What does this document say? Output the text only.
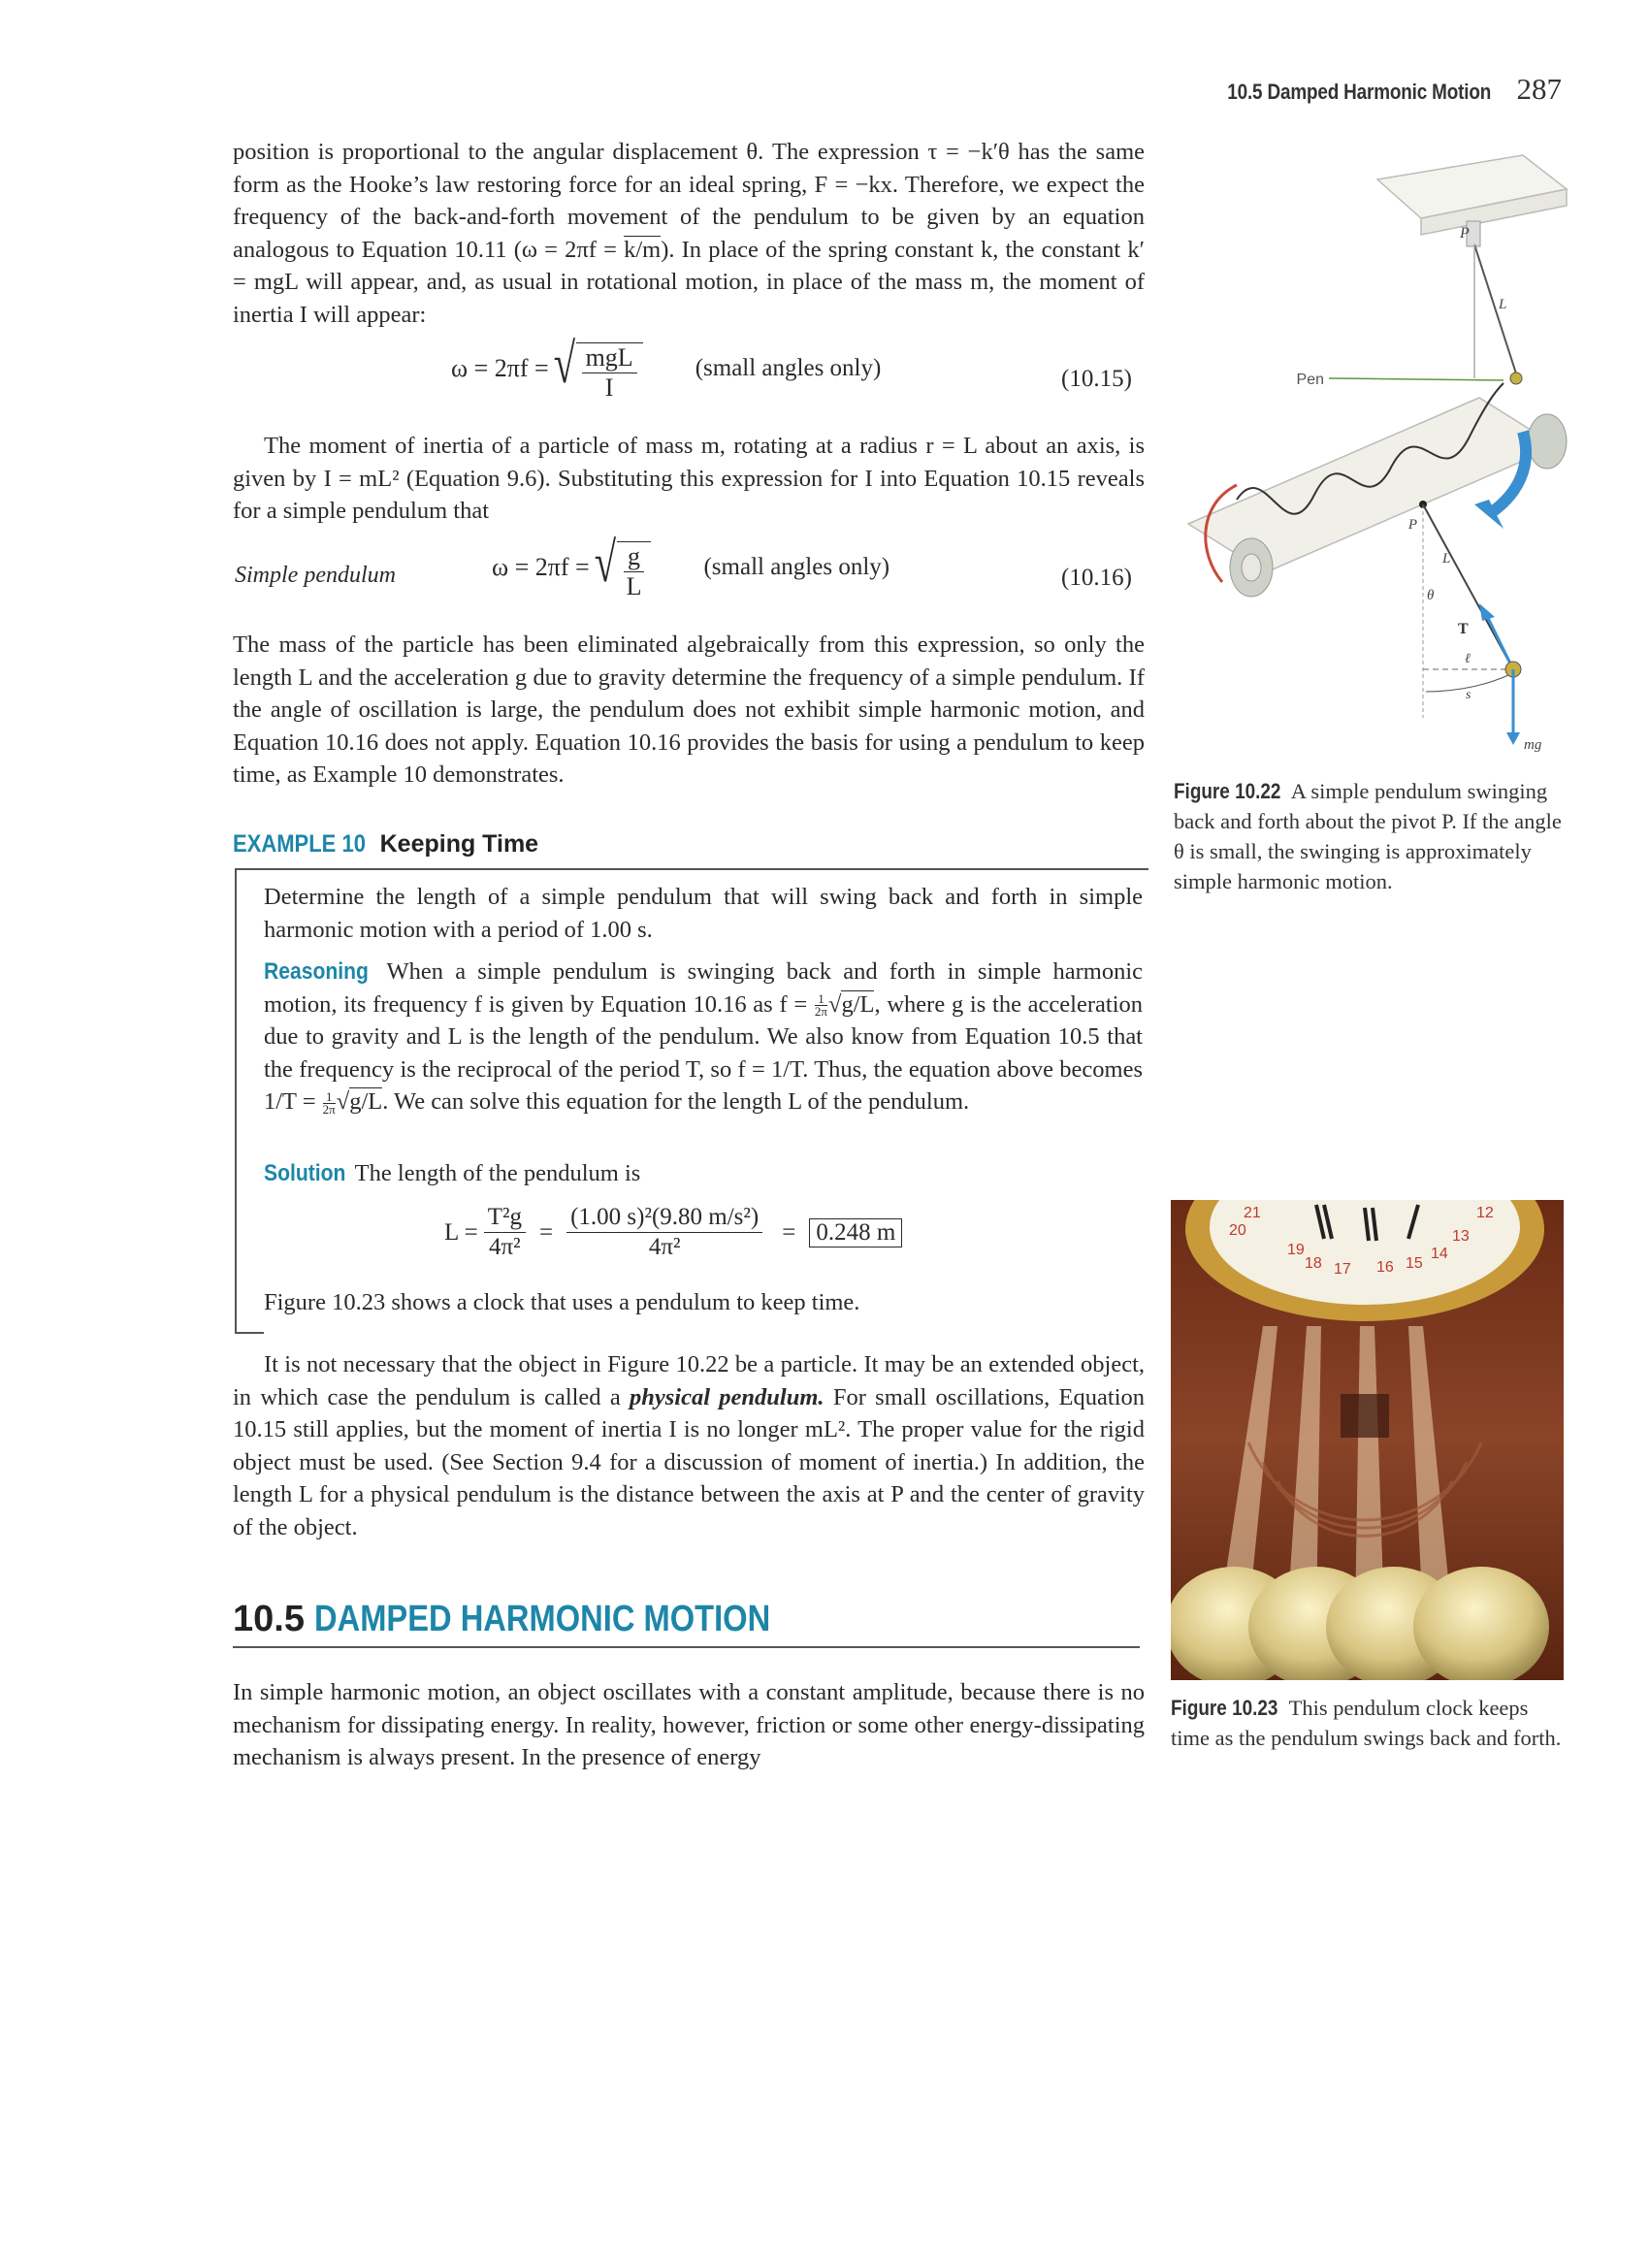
10.5 Damped Harmonic Motion 287

position is proportional to the angular displacement θ. The expression τ = −k′θ has the same form as the Hooke’s law restoring force for an ideal spring, F = −kx. Therefore, we expect the frequency of the back-and-forth movement of the pendulum to be given by an equation analogous to Equation 10.11 (ω = 2πf = k/m). In place of the spring constant k, the constant k′ = mgL will appear, and, as usual in rotational motion, in place of the mass m, the moment of inertia I will appear:

ω = 2πf = √ $\frac{\text{mgL}}{I}$ (small angles only)	(10.15)

The moment of inertia of a particle of mass m, rotating at a radius r = L about an axis, is given by I = mL² (Equation 9.6). Substituting this expression for I into Equation 10.15 reveals for a simple pendulum that

Simple pendulum	ω = 2πf = √ $\frac{g}{L}$ (small angles only)	(10.16)

The mass of the particle has been eliminated algebraically from this expression, so only the length L and the acceleration g due to gravity determine the frequency of a simple pendulum. If the angle of oscillation is large, the pendulum does not exhibit simple harmonic motion, and Equation 10.16 does not apply. Equation 10.16 provides the basis for using a pendulum to keep time, as Example 10 demonstrates.

EXAMPLE 10 Keeping Time

Determine the length of a simple pendulum that will swing back and forth in simple harmonic motion with a period of 1.00 s.

Reasoning When a simple pendulum is swinging back and forth in simple harmonic motion, its frequency f is given by Equation 10.16 as $f = \frac{1}{2\pi} √g/L$, where g is the acceleration due to gravity and L is the length of the pendulum. We also know from Equation 10.5 that the frequency is the reciprocal of the period T, so f = 1/T. Thus, the equation above becomes $1/T = \frac{1}{2\pi} √g/L$. We can solve this equation for the length L of the pendulum.

Solution The length of the pendulum is

$L = \frac{\text{T²g}}{\text{4π²}} = \frac{\text{(1.00 s)²(9.80 m/s²)}}{\text{4π²}} = 0.248$ m

Figure 10.23 shows a clock that uses a pendulum to keep time.

It is not necessary that the object in Figure 10.22 be a particle. It may be an extended object, in which case the pendulum is called a physical pendulum. For small oscillations, Equation 10.15 still applies, but the moment of inertia I is no longer mL². The proper value for the rigid object must be used. (See Section 9.4 for a discussion of moment of inertia.) In addition, the length L for a physical pendulum is the distance between the axis at P and the center of gravity of the object.

10.5 DAMPED HARMONIC MOTION

In simple harmonic motion, an object oscillates with a constant amplitude, because there is no mechanism for dissipating energy. In reality, however, friction or some other energy-dissipating mechanism is always present. In the presence of energy

P
L
Pen
P
L
θ
T
ℓ
s
mg
Figure 10.22 A simple pendulum swinging back and forth about the pivot P. If the angle θ is small, the swinging is approximately simple harmonic motion.
21
20
19
18 17 16 15
14
13
12
Figure 10.23 This pendulum clock keeps time as the pendulum swings back and forth.
